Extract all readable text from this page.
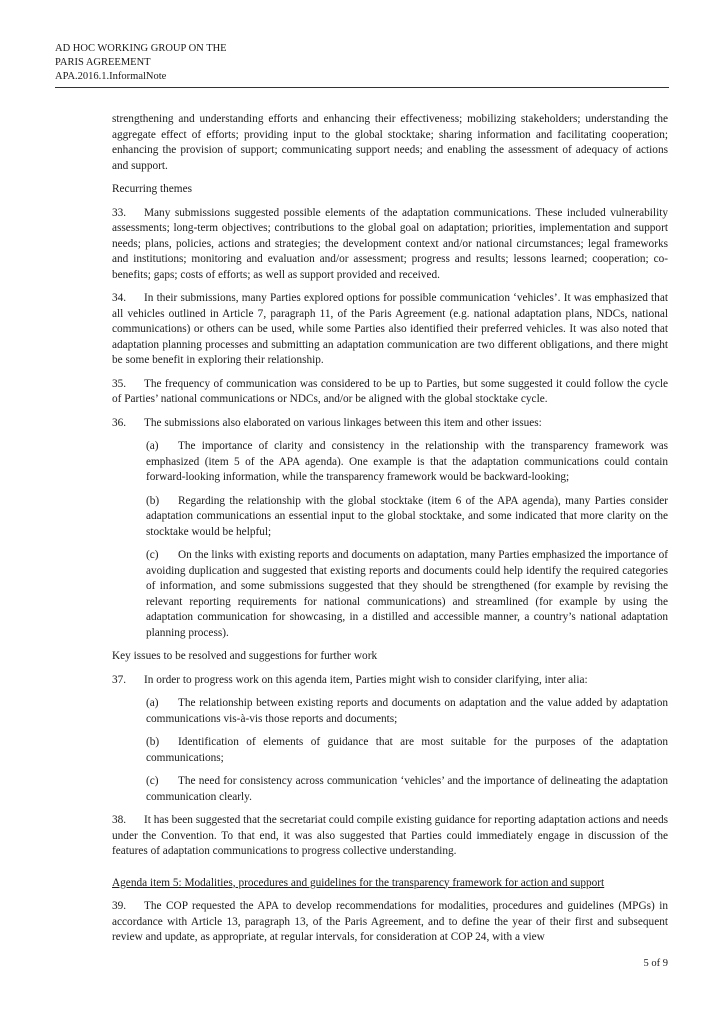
AD HOC WORKING GROUP ON THE
PARIS AGREEMENT
APA.2016.1.InformalNote

strengthening and understanding efforts and enhancing their effectiveness; mobilizing stakeholders; understanding the aggregate effect of efforts; providing input to the global stocktake; sharing information and facilitating cooperation; enhancing the provision of support; communicating support needs; and enabling the assessment of adequacy of actions and support.

Recurring themes

33. Many submissions suggested possible elements of the adaptation communications. These included vulnerability assessments; long-term objectives; contributions to the global goal on adaptation; priorities, implementation and support needs; plans, policies, actions and strategies; the development context and/or national circumstances; legal frameworks and institutions; monitoring and evaluation and/or assessment; progress and results; lessons learned; cooperation; co-benefits; gaps; costs of efforts; as well as support provided and received.

34. In their submissions, many Parties explored options for possible communication ‘vehicles’. It was emphasized that all vehicles outlined in Article 7, paragraph 11, of the Paris Agreement (e.g. national adaptation plans, NDCs, national communications) or others can be used, while some Parties also identified their preferred vehicles. It was also noted that adaptation planning processes and submitting an adaptation communication are two different obligations, and there might be some benefit in exploring their relationship.

35. The frequency of communication was considered to be up to Parties, but some suggested it could follow the cycle of Parties’ national communications or NDCs, and/or be aligned with the global stocktake cycle.

36. The submissions also elaborated on various linkages between this item and other issues:

(a) The importance of clarity and consistency in the relationship with the transparency framework was emphasized (item 5 of the APA agenda). One example is that the adaptation communications could contain forward-looking information, while the transparency framework would be backward-looking;

(b) Regarding the relationship with the global stocktake (item 6 of the APA agenda), many Parties consider adaptation communications an essential input to the global stocktake, and some indicated that more clarity on the stocktake would be helpful;

(c) On the links with existing reports and documents on adaptation, many Parties emphasized the importance of avoiding duplication and suggested that existing reports and documents could help identify the required categories of information, and some submissions suggested that they should be strengthened (for example by revising the relevant reporting requirements for national communications) and streamlined (for example by using the adaptation communication for showcasing, in a distilled and accessible manner, a country’s national adaptation planning process).

Key issues to be resolved and suggestions for further work

37. In order to progress work on this agenda item, Parties might wish to consider clarifying, inter alia:

(a) The relationship between existing reports and documents on adaptation and the value added by adaptation communications vis-à-vis those reports and documents;

(b) Identification of elements of guidance that are most suitable for the purposes of the adaptation communications;

(c) The need for consistency across communication ‘vehicles’ and the importance of delineating the adaptation communication clearly.

38. It has been suggested that the secretariat could compile existing guidance for reporting adaptation actions and needs under the Convention. To that end, it was also suggested that Parties could immediately engage in discussion of the features of adaptation communications to progress collective understanding.

Agenda item 5: Modalities, procedures and guidelines for the transparency framework for action and support

39. The COP requested the APA to develop recommendations for modalities, procedures and guidelines (MPGs) in accordance with Article 13, paragraph 13, of the Paris Agreement, and to define the year of their first and subsequent review and update, as appropriate, at regular intervals, for consideration at COP 24, with a view

5 of 9
